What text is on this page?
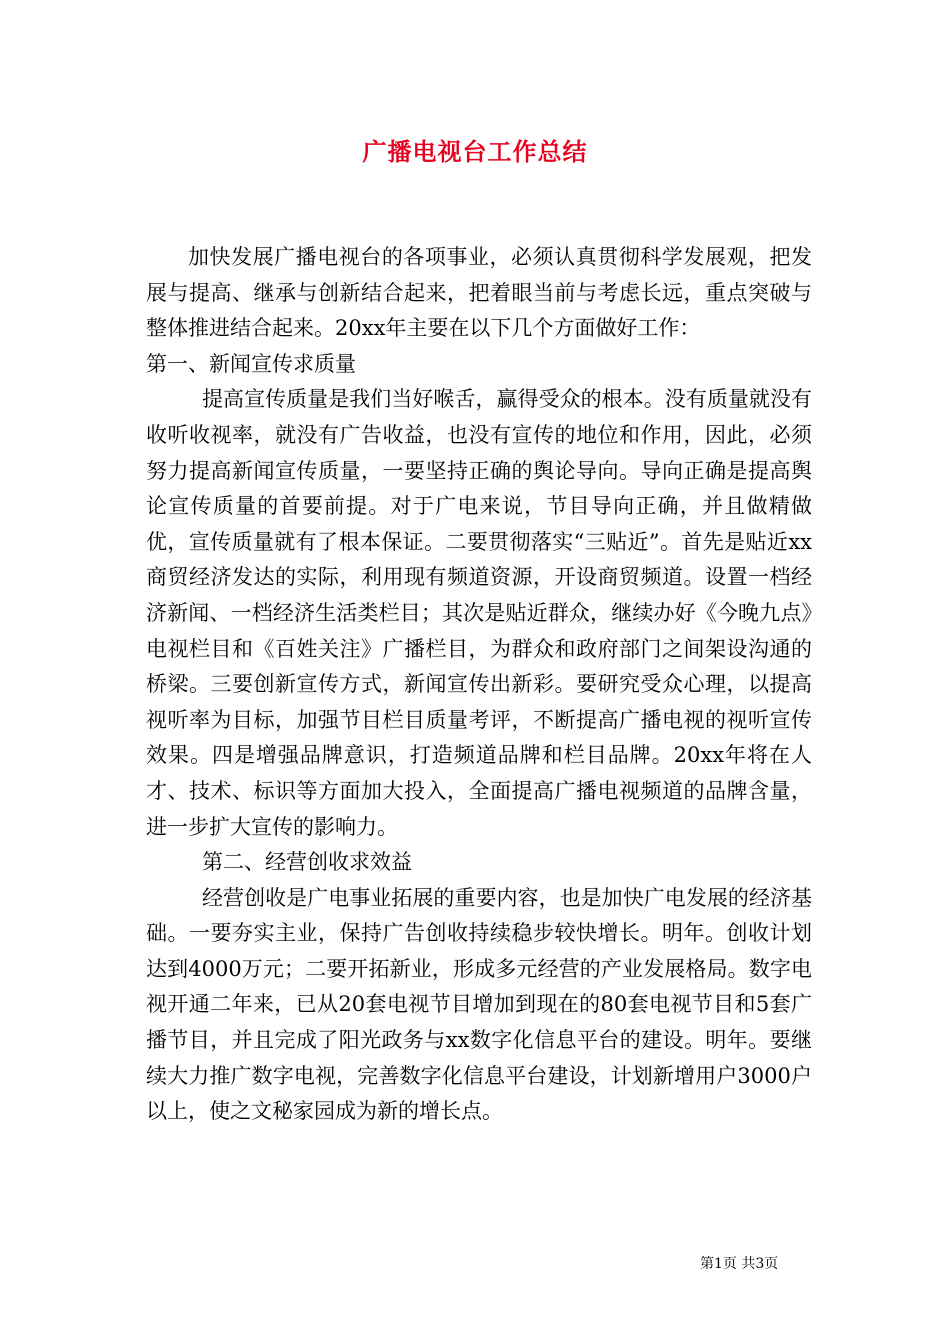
广播电视台工作总结

加快发展广播电视台的各项事业，必须认真贯彻科学发展观，把发展与提高、继承与创新结合起来，把着眼当前与考虑长远，重点突破与整体推进结合起来。20xx年主要在以下几个方面做好工作：

第一、新闻宣传求质量

提高宣传质量是我们当好喉舌，赢得受众的根本。没有质量就没有收听收视率，就没有广告收益，也没有宣传的地位和作用，因此，必须努力提高新闻宣传质量，一要坚持正确的舆论导向。导向正确是提高舆论宣传质量的首要前提。对于广电来说，节目导向正确，并且做精做优，宣传质量就有了根本保证。二要贯彻落实“三贴近”。首先是贴近xx商贸经济发达的实际，利用现有频道资源，开设商贸频道。设置一档经济新闻、一档经济生活类栏目；其次是贴近群众，继续办好《今晚九点》电视栏目和《百姓关注》广播栏目，为群众和政府部门之间架设沟通的桥梁。三要创新宣传方式，新闻宣传出新彩。要研究受众心理，以提高视听率为目标，加强节目栏目质量考评，不断提高广播电视的视听宣传效果。四是增强品牌意识，打造频道品牌和栏目品牌。20xx年将在人才、技术、标识等方面加大投入，全面提高广播电视频道的品牌含量，进一步扩大宣传的影响力。

第二、经营创收求效益

经营创收是广电事业拓展的重要内容，也是加快广电发展的经济基础。一要夯实主业，保持广告创收持续稳步较快增长。明年。创收计划达到4000万元；二要开拓新业，形成多元经营的产业发展格局。数字电视开通二年来，已从20套电视节目增加到现在的80套电视节目和5套广播节目，并且完成了阳光政务与xx数字化信息平台的建设。明年。要继续大力推广数字电视，完善数字化信息平台建设，计划新增用户3000户以上，使之文秘家园成为新的增长点。

第1页 共3页
